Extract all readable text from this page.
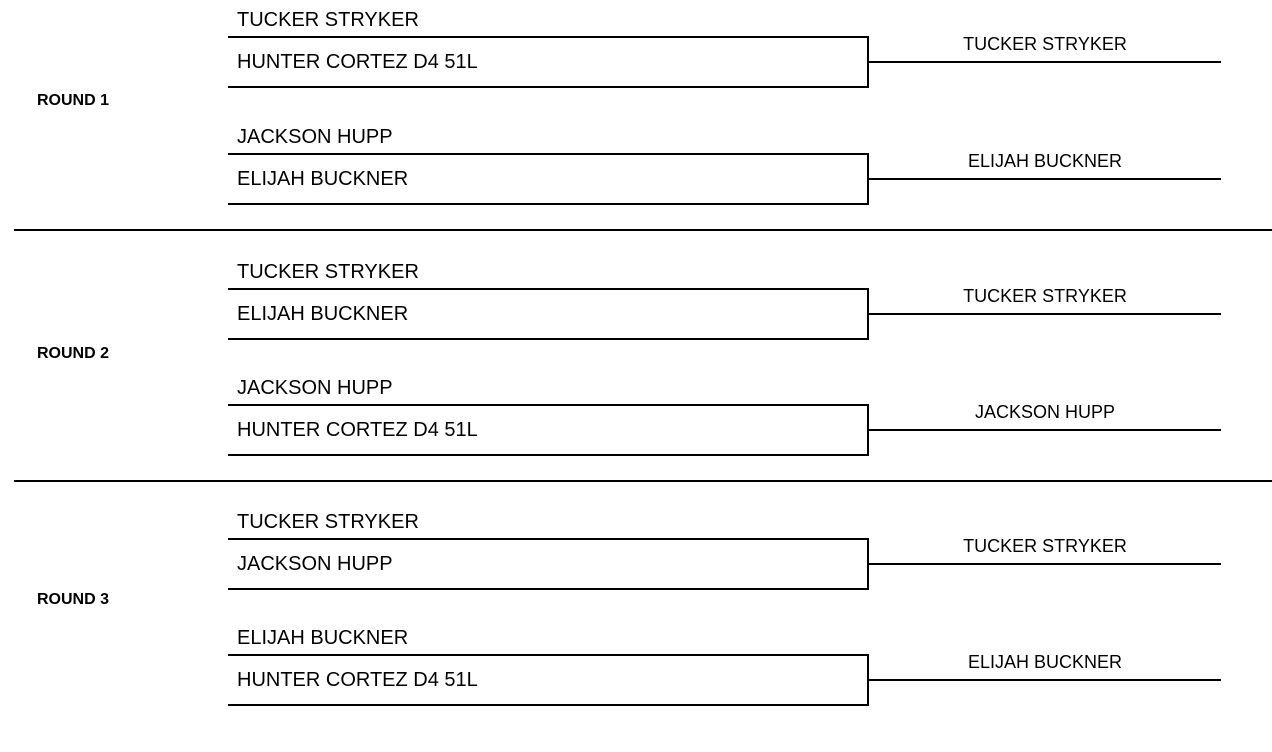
ROUND 1
TUCKER STRYKER
HUNTER CORTEZ D4 51L
TUCKER STRYKER
JACKSON HUPP
ELIJAH BUCKNER
ELIJAH BUCKNER
ROUND 2
TUCKER STRYKER
ELIJAH BUCKNER
TUCKER STRYKER
JACKSON HUPP
HUNTER CORTEZ D4 51L
JACKSON HUPP
ROUND 3
TUCKER STRYKER
JACKSON HUPP
TUCKER STRYKER
ELIJAH BUCKNER
HUNTER CORTEZ D4 51L
ELIJAH BUCKNER
